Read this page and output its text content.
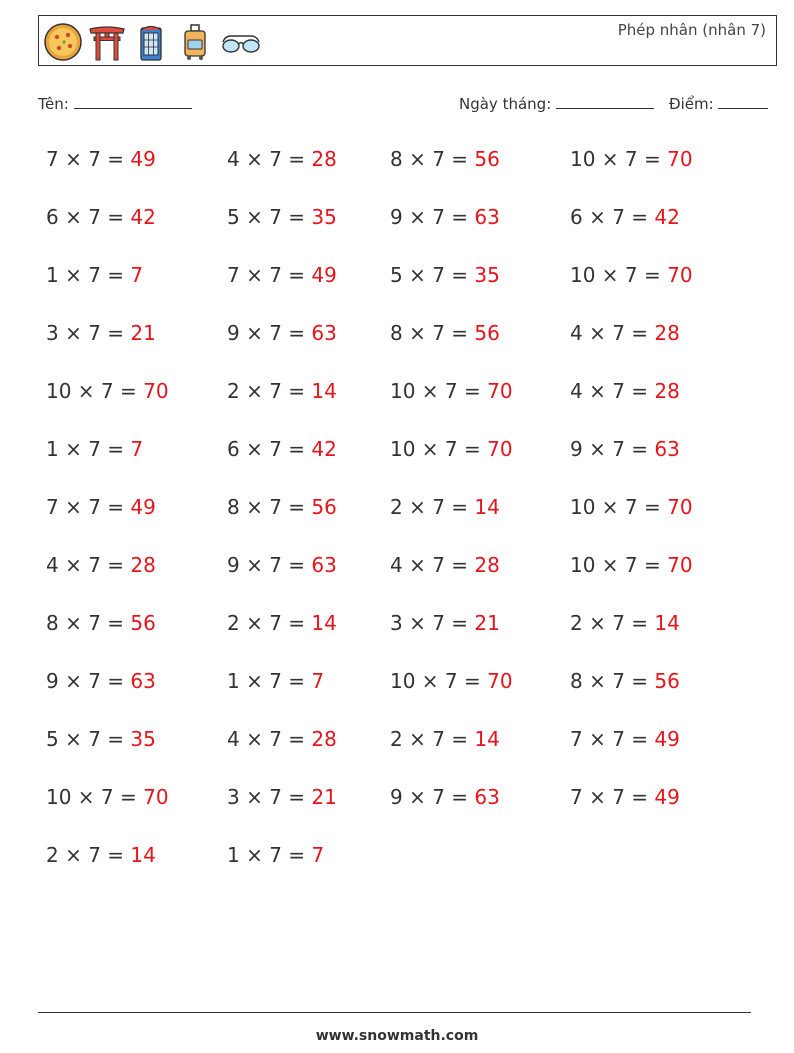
Phép nhân (nhân 7)
Tên:	Ngày tháng:	Điểm:
7 × 7 = 49
6 × 7 = 42
1 × 7 = 7
3 × 7 = 21
10 × 7 = 70
1 × 7 = 7
7 × 7 = 49
4 × 7 = 28
8 × 7 = 56
9 × 7 = 63
5 × 7 = 35
10 × 7 = 70
2 × 7 = 14
4 × 7 = 28
5 × 7 = 35
7 × 7 = 49
9 × 7 = 63
2 × 7 = 14
6 × 7 = 42
8 × 7 = 56
9 × 7 = 63
2 × 7 = 14
1 × 7 = 7
4 × 7 = 28
3 × 7 = 21
1 × 7 = 7
8 × 7 = 56
9 × 7 = 63
5 × 7 = 35
8 × 7 = 56
10 × 7 = 70
10 × 7 = 70
2 × 7 = 14
4 × 7 = 28
3 × 7 = 21
10 × 7 = 70
2 × 7 = 14
9 × 7 = 63
10 × 7 = 70
6 × 7 = 42
10 × 7 = 70
4 × 7 = 28
4 × 7 = 28
9 × 7 = 63
10 × 7 = 70
10 × 7 = 70
2 × 7 = 14
8 × 7 = 56
7 × 7 = 49
7 × 7 = 49
www.snowmath.com
